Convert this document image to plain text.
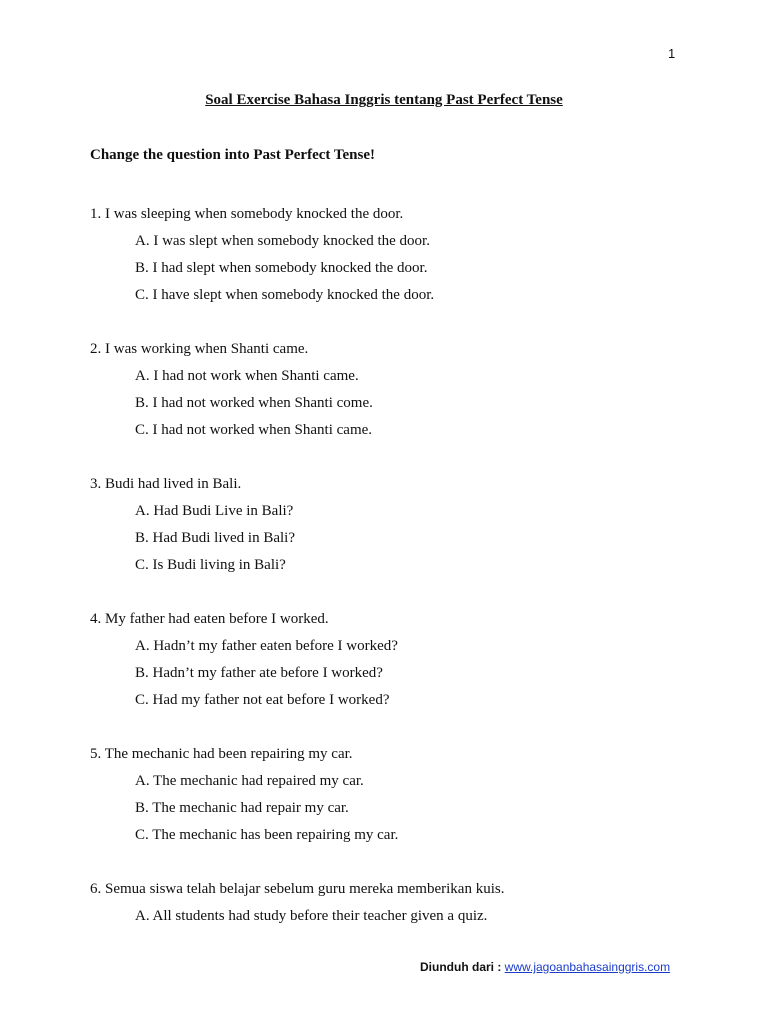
1
Soal Exercise Bahasa Inggris tentang Past Perfect Tense
Change the question into Past Perfect Tense!
1. I was sleeping when somebody knocked the door.
A. I was slept when somebody knocked the door.
B. I had slept when somebody knocked the door.
C. I have slept when somebody knocked the door.
2. I was working when Shanti came.
A. I had not work when Shanti came.
B. I had not worked when Shanti come.
C. I had not worked when Shanti came.
3. Budi had lived in Bali.
A. Had Budi Live in Bali?
B. Had Budi lived in Bali?
C. Is Budi living in Bali?
4. My father had eaten before I worked.
A. Hadn’t my father eaten before I worked?
B. Hadn’t my father ate before I worked?
C. Had my father not eat before I worked?
5. The mechanic had been repairing my car.
A. The mechanic had repaired my car.
B. The mechanic had repair my car.
C. The mechanic has been repairing my car.
6. Semua siswa telah belajar sebelum guru mereka memberikan kuis.
A. All students had study before their teacher given a quiz.
Diunduh dari : www.jagoanbahasainggris.com
